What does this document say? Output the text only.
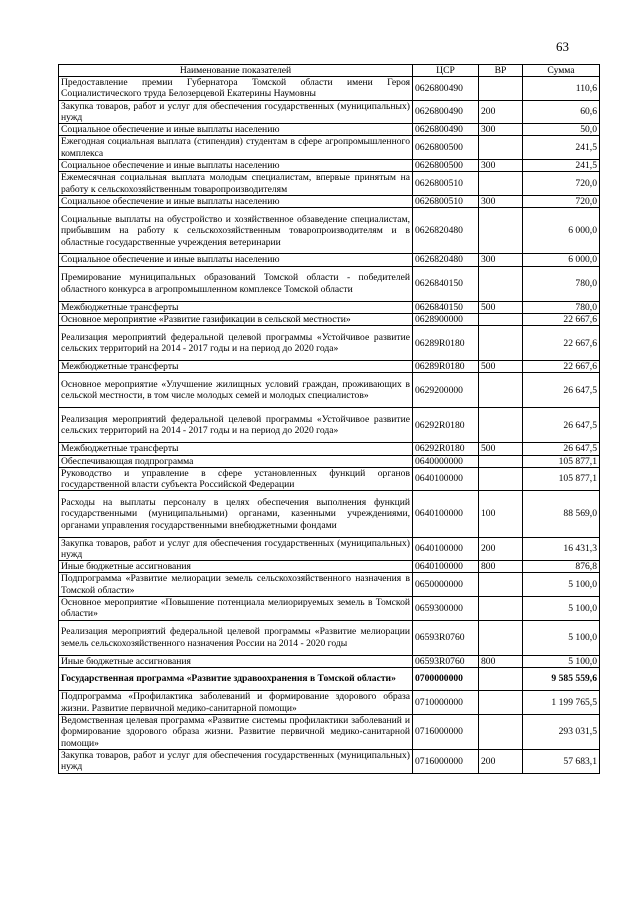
63
Наименование показателей	ЦСР	ВР	Сумма
Предоставление премии Губернатора Томской области имени Героя Социалистического труда Белозерцевой Екатерины Наумовны	0626800490		110,6
Закупка товаров, работ и услуг для обеспечения государственных (муниципальных) нужд	0626800490	200	60,6
Социальное обеспечение и иные выплаты населению	0626800490	300	50,0
Ежегодная социальная выплата (стипендия) студентам в сфере агропромышленного комплекса	0626800500		241,5
Социальное обеспечение и иные выплаты населению	0626800500	300	241,5
Ежемесячная социальная выплата молодым специалистам, впервые принятым на работу к сельскохозяйственным товаропроизводителям	0626800510		720,0
Социальное обеспечение и иные выплаты населению	0626800510	300	720,0
Социальные выплаты на обустройство и хозяйственное обзаведение специалистам, прибывшим на работу к сельскохозяйственным товаропроизводителям и в областные государственные учреждения ветеринарии	0626820480		6 000,0
Социальное обеспечение и иные выплаты населению	0626820480	300	6 000,0
Премирование муниципальных образований Томской области - победителей областного конкурса в агропромышленном комплексе Томской области	0626840150		780,0
Межбюджетные трансферты	0626840150	500	780,0
Основное мероприятие «Развитие газификации в сельской местности»	0628900000		22 667,6
Реализация мероприятий федеральной целевой программы «Устойчивое развитие сельских территорий на 2014 - 2017 годы и на период до 2020 года»	06289R0180		22 667,6
Межбюджетные трансферты	06289R0180	500	22 667,6
Основное мероприятие «Улучшение жилищных условий граждан, проживающих в сельской местности, в том числе молодых семей и молодых специалистов»	0629200000		26 647,5
Реализация мероприятий федеральной целевой программы «Устойчивое развитие сельских территорий на 2014 - 2017 годы и на период до 2020 года»	06292R0180		26 647,5
Межбюджетные трансферты	06292R0180	500	26 647,5
Обеспечивающая подпрограмма	0640000000		105 877,1
Руководство и управление в сфере установленных функций органов государственной власти субъекта Российской Федерации	0640100000		105 877,1
Расходы на выплаты персоналу в целях обеспечения выполнения функций государственными (муниципальными) органами, казенными учреждениями, органами управления государственными внебюджетными фондами	0640100000	100	88 569,0
Закупка товаров, работ и услуг для обеспечения государственных (муниципальных) нужд	0640100000	200	16 431,3
Иные бюджетные ассигнования	0640100000	800	876,8
Подпрограмма «Развитие мелиорации земель сельскохозяйственного назначения в Томской области»	0650000000		5 100,0
Основное мероприятие «Повышение потенциала мелиорируемых земель в Томской области»	0659300000		5 100,0
Реализация мероприятий федеральной целевой программы «Развитие мелиорации земель сельскохозяйственного назначения России на 2014 - 2020 годы	06593R0760		5 100,0
Иные бюджетные ассигнования	06593R0760	800	5 100,0
Государственная программа «Развитие здравоохранения в Томской области»	0700000000		9 585 559,6
Подпрограмма «Профилактика заболеваний и формирование здорового образа жизни. Развитие первичной медико-санитарной помощи»	0710000000		1 199 765,5
Ведомственная целевая программа «Развитие системы профилактики заболеваний и формирование здорового образа жизни. Развитие первичной медико-санитарной помощи»	0716000000		293 031,5
Закупка товаров, работ и услуг для обеспечения государственных (муниципальных) нужд	0716000000	200	57 683,1
